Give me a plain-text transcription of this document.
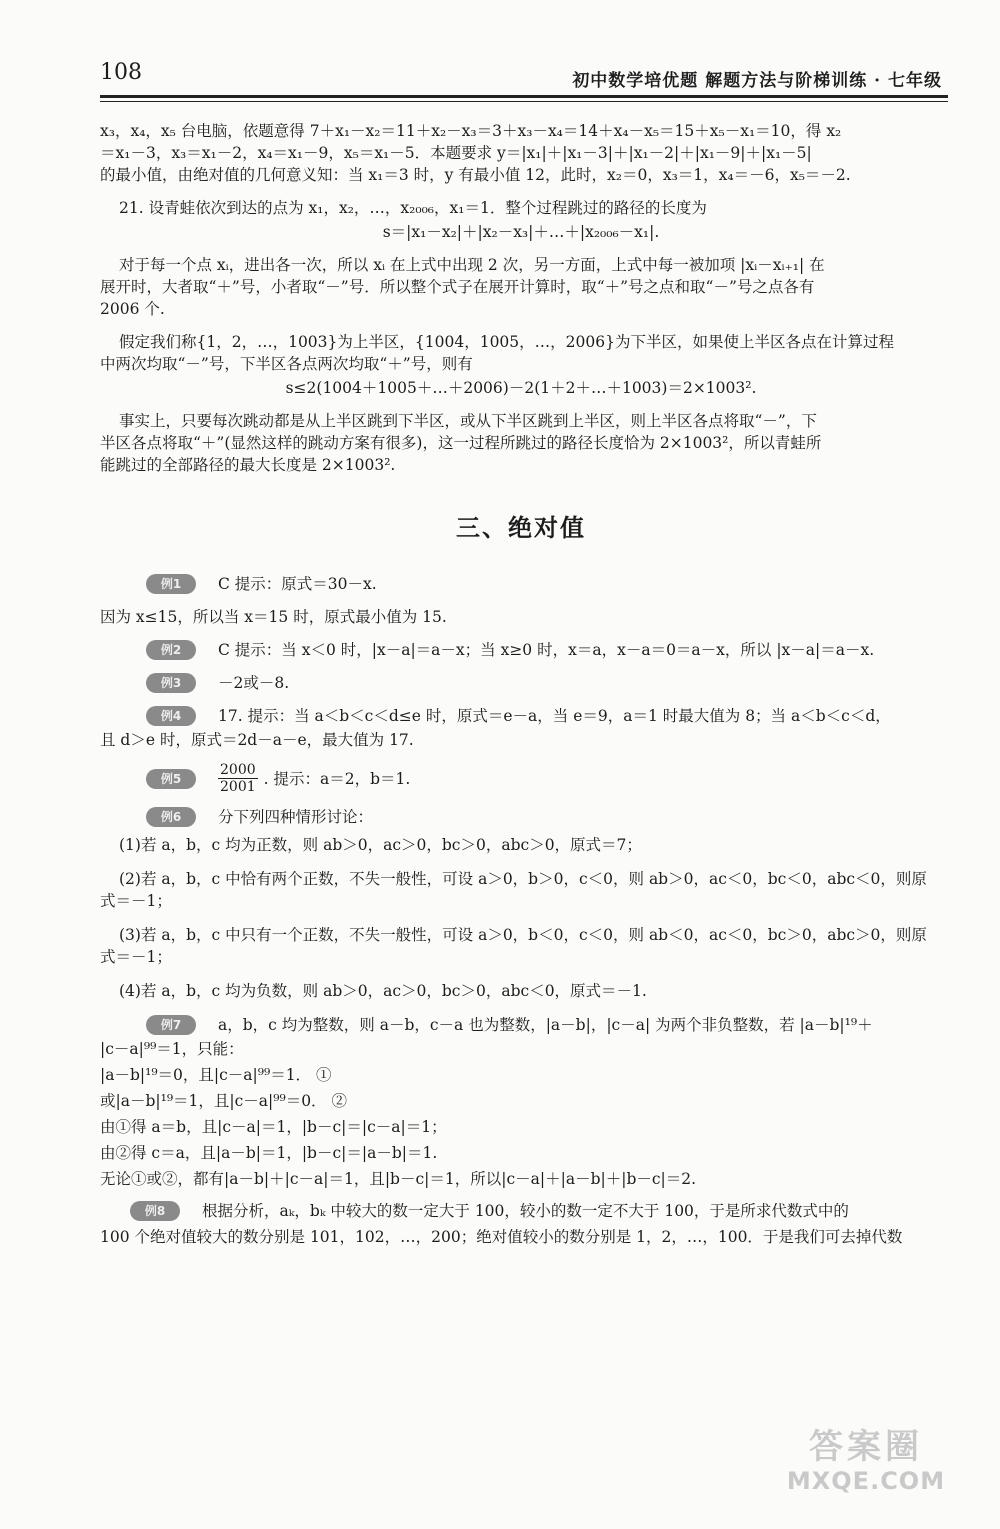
108	初中数学培优题 解题方法与阶梯训练 · 七年级

x₃，x₄，x₅ 台电脑，依题意得 7＋x₁－x₂＝11＋x₂－x₃＝3＋x₃－x₄＝14＋x₄－x₅＝15＋x₅－x₁＝10，得 x₂

＝x₁－3，x₃＝x₁－2，x₄＝x₁－9，x₅＝x₁－5．本题要求 y＝|x₁|＋|x₁－3|＋|x₁－2|＋|x₁－9|＋|x₁－5|

的最小值，由绝对值的几何意义知：当 x₁＝3 时，y 有最小值 12，此时，x₂＝0，x₃＝1，x₄＝－6，x₅＝－2.

21. 设青蛙依次到达的点为 x₁，x₂，…，x₂₀₀₆，x₁＝1．整个过程跳过的路径的长度为

s＝|x₁－x₂|＋|x₂－x₃|＋…＋|x₂₀₀₆－x₁|.

对于每一个点 xᵢ，进出各一次，所以 xᵢ 在上式中出现 2 次，另一方面，上式中每一被加项 |xᵢ－xᵢ₊₁| 在

展开时，大者取“＋”号，小者取“－”号．所以整个式子在展开计算时，取“＋”号之点和取“－”号之点各有

2006 个.

假定我们称{1，2，…，1003}为上半区，{1004，1005，…，2006}为下半区，如果使上半区各点在计算过程

中两次均取“－”号，下半区各点两次均取“＋”号，则有

s≤2(1004＋1005＋…＋2006)－2(1＋2＋…＋1003)＝2×1003².

事实上，只要每次跳动都是从上半区跳到下半区，或从下半区跳到上半区，则上半区各点将取“－”，下

半区各点将取“＋”(显然这样的跳动方案有很多)，这一过程所跳过的路径长度恰为 2×1003²，所以青蛙所

能跳过的全部路径的最大长度是 2×1003².

三、绝对值
例1	C 提示：原式＝30－x.

因为 x≤15，所以当 x＝15 时，原式最小值为 15.

例2	C 提示：当 x＜0 时，|x－a|＝a－x；当 x≥0 时，x＝a，x－a＝0＝a－x，所以 |x－a|＝a－x.
例3	－2或－8.
例4	17. 提示：当 a＜b＜c＜d≤e 时，原式＝e－a，当 e＝9，a＝1 时最大值为 8；当 a＜b＜c＜d，

且 d＞e 时，原式＝2d－a－e，最大值为 17.

例5	$\frac{2000}{2001}$ . 提示：a＝2，b＝1.
例6	分下列四种情形讨论：

(1)若 a，b，c 均为正数，则 ab＞0，ac＞0，bc＞0，abc＞0，原式＝7；

(2)若 a，b，c 中恰有两个正数，不失一般性，可设 a＞0，b＞0，c＜0，则 ab＞0，ac＜0，bc＜0，abc＜0，则原

式＝－1；

(3)若 a，b，c 中只有一个正数，不失一般性，可设 a＞0，b＜0，c＜0，则 ab＜0，ac＜0，bc＞0，abc＞0，则原

式＝－1；

(4)若 a，b，c 均为负数，则 ab＞0，ac＞0，bc＞0，abc＜0，原式＝－1.

例7	a，b，c 均为整数，则 a－b，c－a 也为整数，|a－b|，|c－a| 为两个非负整数，若 |a－b|¹⁹＋

|c－a|⁹⁹＝1，只能：

|a－b|¹⁹＝0，且|c－a|⁹⁹＝1． ①

或|a－b|¹⁹＝1，且|c－a|⁹⁹＝0． ②

由①得 a＝b，且|c－a|＝1，|b－c|＝|c－a|＝1；

由②得 c＝a，且|a－b|＝1，|b－c|＝|a－b|＝1.

无论①或②，都有|a－b|＋|c－a|＝1，且|b－c|＝1，所以|c－a|＋|a－b|＋|b－c|＝2.

例8	根据分析，aₖ，bₖ 中较大的数一定大于 100，较小的数一定不大于 100，于是所求代数式中的

100 个绝对值较大的数分别是 101，102，…，200；绝对值较小的数分别是 1，2，…，100．于是我们可去掉代数

答案圈
MXQE.COM
